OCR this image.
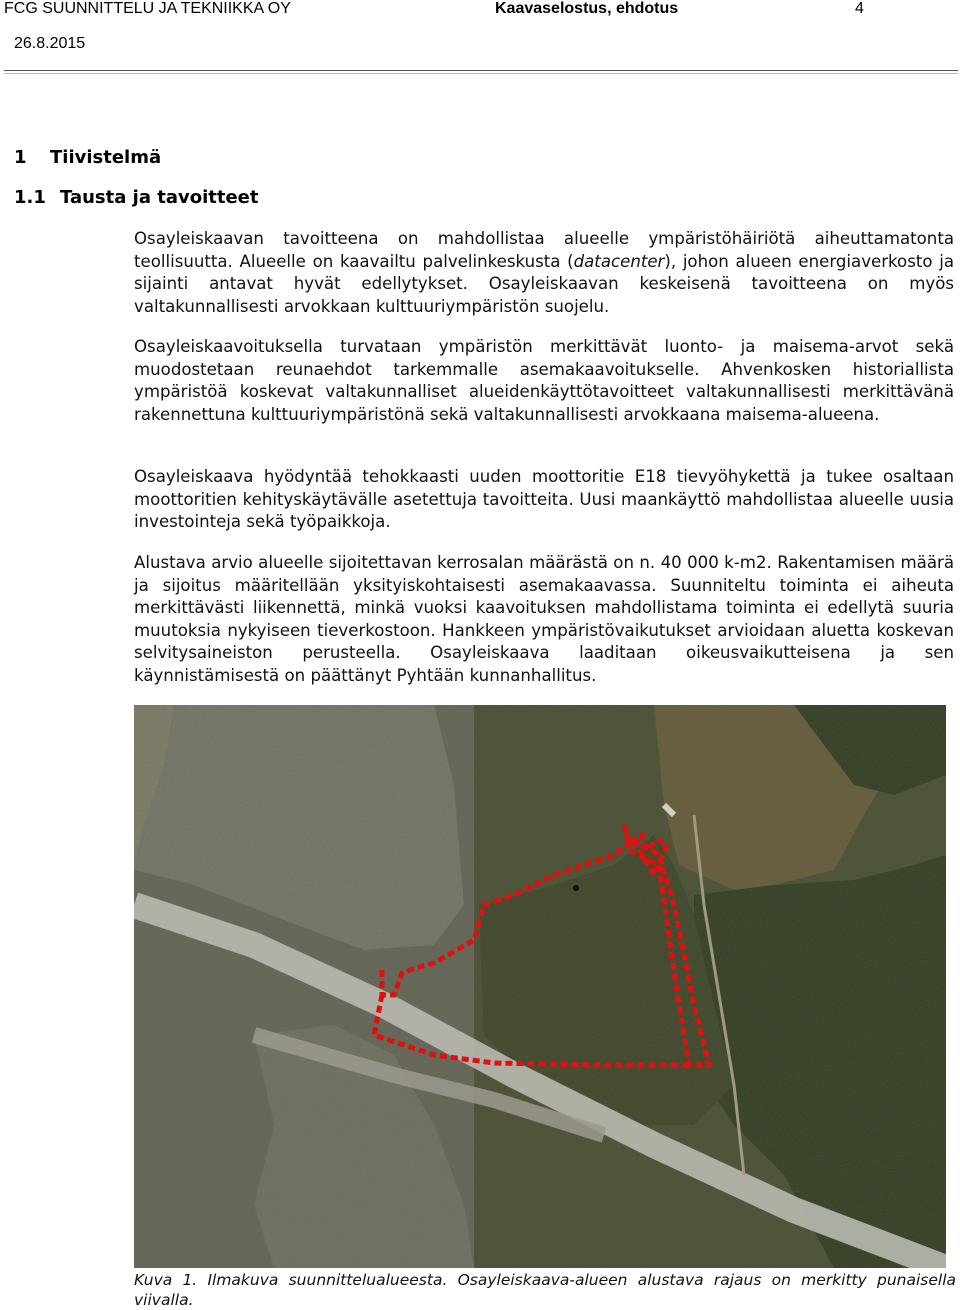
FCG SUUNNITTELU JA TEKNIIKKA OY	Kaavaselostus, ehdotus	4
26.8.2015
1 Tiivistelmä
1.1 Tausta ja tavoitteet

Osayleiskaavan tavoitteena on mahdollistaa alueelle ympäristöhäiriötä aiheuttamatonta teollisuutta. Alueelle on kaavailtu palvelinkeskusta (datacenter), johon alueen energiaverkosto ja sijainti antavat hyvät edellytykset. Osayleiskaavan keskeisenä tavoitteena on myös valtakunnallisesti arvokkaan kulttuuriympäristön suojelu.

Osayleiskaavoituksella turvataan ympäristön merkittävät luonto- ja maisema-arvot sekä muodostetaan reunaehdot tarkemmalle asemakaavoitukselle. Ahvenkosken historiallista ympäristöä koskevat valtakunnalliset alueidenkäyttötavoitteet valtakunnallisesti merkittävänä rakennettuna kulttuuriympäristönä sekä valtakunnallisesti arvokkaana maisema-alueena.

Osayleiskaava hyödyntää tehokkaasti uuden moottoritie E18 tievyöhykettä ja tukee osaltaan moottoritien kehityskäytävälle asetettuja tavoitteita. Uusi maankäyttö mahdollistaa alueelle uusia investointeja sekä työpaikkoja.

Alustava arvio alueelle sijoitettavan kerrosalan määrästä on n. 40 000 k-m2. Rakentamisen määrä ja sijoitus määritellään yksityiskohtaisesti asemakaavassa. Suunniteltu toiminta ei aiheuta merkittävästi liikennettä, minkä vuoksi kaavoituksen mahdollistama toiminta ei edellytä suuria muutoksia nykyiseen tieverkostoon. Hankkeen ympäristövaikutukset arvioidaan aluetta koskevan selvitysaineiston perusteella. Osayleiskaava laaditaan oikeusvaikutteisena ja sen käynnistämisestä on päättänyt Pyhtään kunnanhallitus.

Kuva 1. Ilmakuva suunnittelualueesta. Osayleiskaava-alueen alustava rajaus on merkitty punaisella viivalla.
